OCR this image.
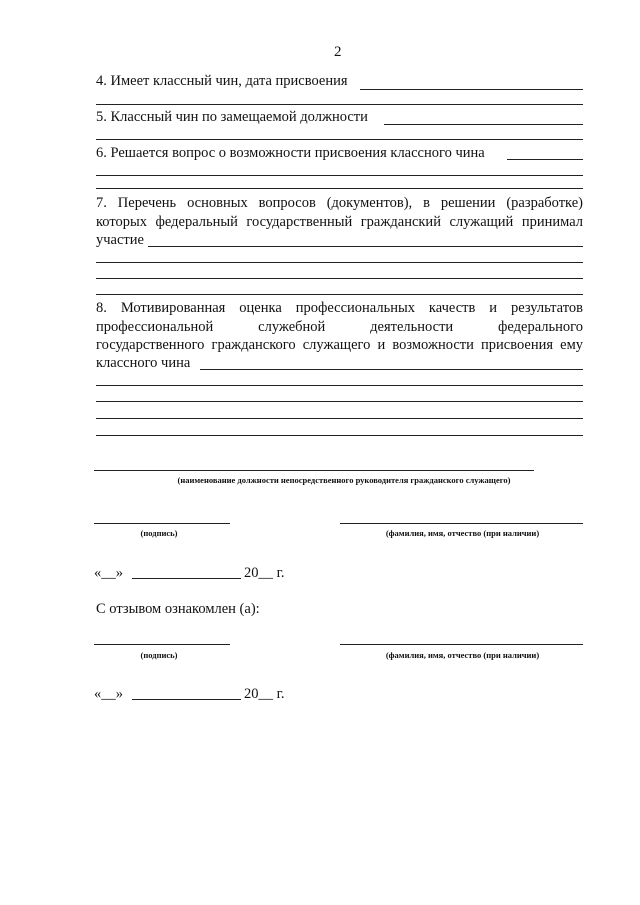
2
4. Имеет классный чин, дата присвоения
5. Классный чин по замещаемой должности
6. Решается вопрос о возможности присвоения классного чина
7. Перечень основных вопросов (документов), в решении (разработке)
которых федеральный государственный гражданский служащий принимал
участие
8. Мотивированная оценка профессиональных качеств и результатов
профессиональной служебной деятельности федерального
государственного гражданского служащего и возможности присвоения ему
классного чина
(наименование должности непосредственного руководителя гражданского служащего)
(подпись)	(фамилия, имя, отчество (при наличии)
«__»	20__ г.
С отзывом ознакомлен (а):
(подпись)	(фамилия, имя, отчество (при наличии)
«__»	20__ г.
